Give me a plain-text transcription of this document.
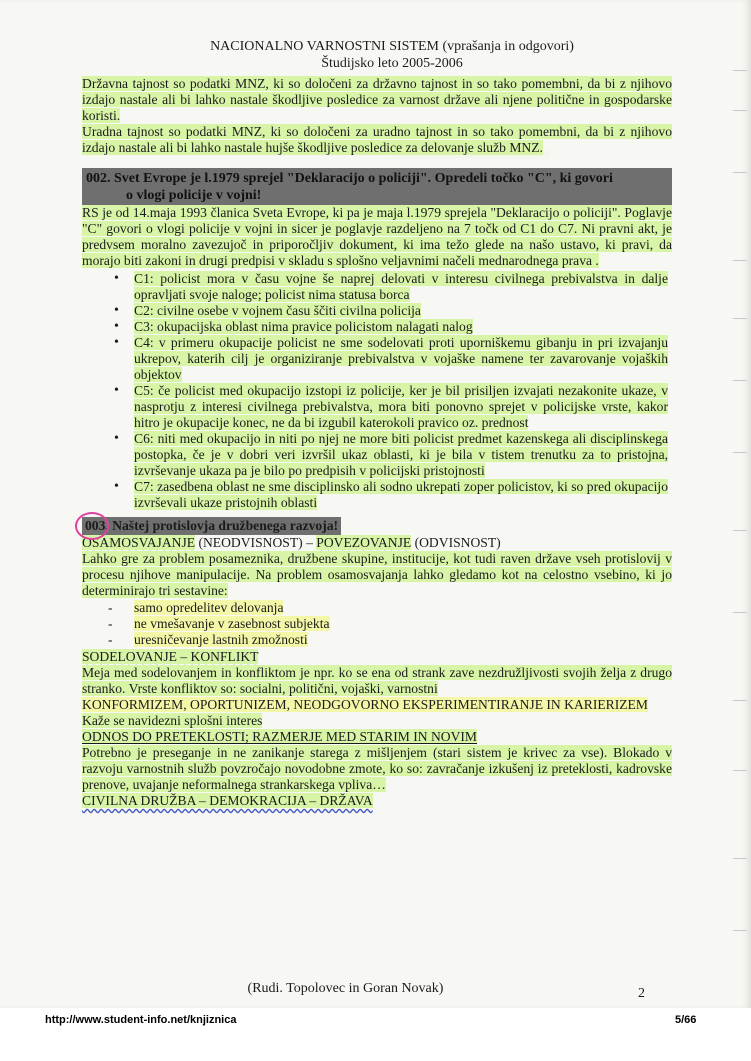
NACIONALNO VARNOSTNI SISTEM (vprašanja in odgovori)
Študijsko leto 2005-2006

Državna tajnost so podatki MNZ, ki so določeni za državno tajnost in so tako pomembni, da bi z njihovo izdajo nastale ali bi lahko nastale škodljive posledice za varnost države ali njene politične in gospodarske koristi.

Uradna tajnost so podatki MNZ, ki so določeni za uradno tajnost in so tako pomembni, da bi z njihovo izdajo nastale ali bi lahko nastale hujše škodljive posledice za delovanje služb MNZ.

002. Svet Evrope je l.1979 sprejel "Deklaracijo o policiji". Opredeli točko "C", ki govori
o vlogi policije v vojni!

RS je od 14.maja 1993 članica Sveta Evrope, ki pa je maja l.1979 sprejela "Deklaracijo o policiji". Poglavje "C" govori o vlogi policije v vojni in sicer je poglavje razdeljeno na 7 točk od C1 do C7. Ni pravni akt, je predvsem moralno zavezujoč in priporočljiv dokument, ki ima težo glede na našo ustavo, ki pravi, da morajo biti zakoni in drugi predpisi v skladu s splošno veljavnimi načeli mednarodnega prava .

• C1: policist mora v času vojne še naprej delovati v interesu civilnega prebivalstva in dalje opravljati svoje naloge; policist nima statusa borca
• C2: civilne osebe v vojnem času ščiti civilna policija
• C3: okupacijska oblast nima pravice policistom nalagati nalog
• C4: v primeru okupacije policist ne sme sodelovati proti uporniškemu gibanju in pri izvajanju ukrepov, katerih cilj je organiziranje prebivalstva v vojaške namene ter zavarovanje vojaških objektov
• C5: če policist med okupacijo izstopi iz policije, ker je bil prisiljen izvajati nezakonite ukaze, v nasprotju z interesi civilnega prebivalstva, mora biti ponovno sprejet v policijske vrste, kakor hitro je okupacije konec, ne da bi izgubil katerokoli pravico oz. prednost
• C6: niti med okupacijo in niti po njej ne more biti policist predmet kazenskega ali disciplinskega postopka, če je v dobri veri izvršil ukaz oblasti, ki je bila v tistem trenutku za to pristojna, izvrševanje ukaza pa je bilo po predpisih v policijski pristojnosti
• C7: zasedbena oblast ne sme disciplinsko ali sodno ukrepati zoper policistov, ki so pred okupacijo izvrševali ukaze pristojnih oblasti
003. Naštej protislovja družbenega razvoja!
OSAMOSVAJANJE (NEODVISNOST) – POVEZOVANJE (ODVISNOST)

Lahko gre za problem posameznika, družbene skupine, institucije, kot tudi raven države vseh protislovij v procesu njihove manipulacije. Na problem osamosvajanja lahko gledamo kot na celostno vsebino, ki jo determinirajo tri sestavine:

- samo opredelitev delovanja
- ne vmešavanje v zasebnost subjekta
- uresničevanje lastnih zmožnosti
SODELOVANJE – KONFLIKT

Meja med sodelovanjem in konfliktom je npr. ko se ena od strank zave nezdružljivosti svojih želja z drugo stranko. Vrste konfliktov so: socialni, politični, vojaški, varnostni

KONFORMIZEM, OPORTUNIZEM, NEODGOVORNO EKSPERIMENTIRANJE IN KARIERIZEM

Kaže se navidezni splošni interes
ODNOS DO PRETEKLOSTI; RAZMERJE MED STARIM IN NOVIM

Potrebno je preseganje in ne zanikanje starega z mišljenjem (stari sistem je krivec za vse). Blokado v razvoju varnostnih služb povzročajo novodobne zmote, ko so: zavračanje izkušenj iz preteklosti, kadrovske prenove, uvajanje neformalnega strankarskega vpliva…

CIVILNA DRUŽBA – DEMOKRACIJA – DRŽAVA
(Rudi. Topolovec in Goran Novak)	2
http://www.student-info.net/knjiznica	5/66
